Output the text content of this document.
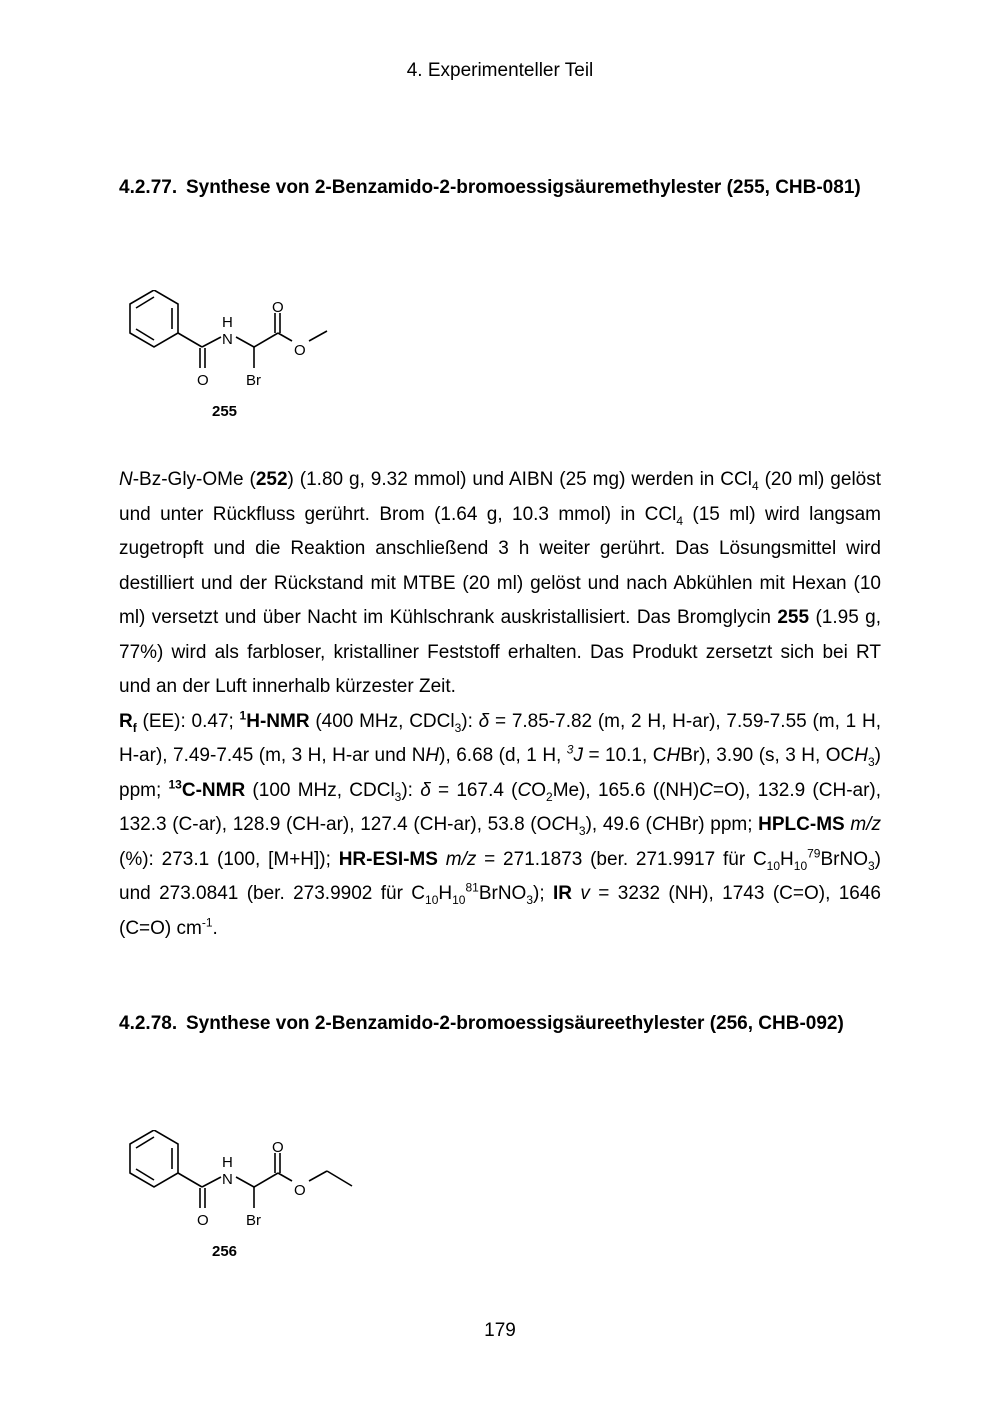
4. Experimenteller Teil
4.2.77. Synthese von 2-Benzamido-2-bromoessigsäuremethylester (255, CHB-081)
H
N
O
O
O Br
255

N-Bz-Gly-OMe (252) (1.80 g, 9.32 mmol) und AIBN (25 mg) werden in CCl$_4$ (20 ml) gelöst und unter Rückfluss gerührt. Brom (1.64 g, 10.3 mmol) in CCl$_4$ (15 ml) wird langsam zugetropft und die Reaktion anschließend 3 h weiter gerührt. Das Lösungsmittel wird destilliert und der Rückstand mit MTBE (20 ml) gelöst und nach Abkühlen mit Hexan (10 ml) versetzt und über Nacht im Kühlschrank auskristallisiert. Das Bromglycin 255 (1.95 g, 77%) wird als farbloser, kristalliner Feststoff erhalten. Das Produkt zersetzt sich bei RT und an der Luft innerhalb kürzester Zeit.

$R_f$ (EE): 0.47; $^1$H-NMR (400 MHz, CDCl$_3$): δ = 7.85-7.82 (m, 2 H, H-ar), 7.59-7.55 (m, 1 H, H-ar), 7.49-7.45 (m, 3 H, H-ar und NH), 6.68 (d, 1 H, $^3$J = 10.1, CHBr), 3.90 (s, 3 H, $OCH_3$) ppm; $^{13}$C-NMR (100 MHz, CDCl$_3$): δ = 167.4 $(CO_2Me)$, 165.6 ((NH)C=O), 132.9 (CH-ar), 132.3 (C-ar), 128.9 (CH-ar), 127.4 (CH-ar), 53.8 $(OCH_3)$, 49.6 (CHBr) ppm; HPLC-MS m/z (%): 273.1 (100, [M+H]); HR-ESI-MS m/z = 271.1873 (ber. 271.9917 für $C_{10}H_{10}^{79}BrNO_3$) und 273.0841 (ber. 273.9902 für $C_{10}H_{10}^{81}BrNO_3$); IR v = 3232 (NH), 1743 (C=O), 1646 (C=O) $cm^{-1}$.

4.2.78. Synthese von 2-Benzamido-2-bromoessigsäureethylester (256, CHB-092)
H
N
O
O
O Br
256
179
